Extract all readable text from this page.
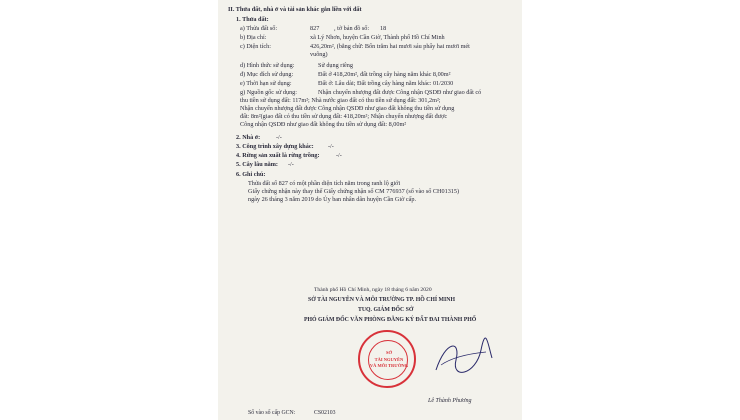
II. Thửa đất, nhà ở và tài sản khác gắn liền với đất
1. Thửa đất:
a) Thửa đất số:	827 , tờ bản đồ số: 18
b) Địa chỉ:	xã Lý Nhơn, huyện Cần Giờ, Thành phố Hồ Chí Minh
c) Diện tích:	426,20m², (bằng chữ: Bốn trăm hai mươi sáu phẩy hai mươi mét
vuông)
d) Hình thức sử dụng:	Sử dụng riêng
đ) Mục đích sử dụng:	Đất ở 418,20m², đất trồng cây hàng năm khác 8,00m²
e) Thời hạn sử dụng:	Đất ở: Lâu dài; Đất trồng cây hàng năm khác: 01/2030
g) Nguồn gốc sử dụng:	Nhận chuyển nhượng đất được Công nhận QSDĐ như giao đất có
thu tiền sử dụng đất: 117m²; Nhà nước giao đất có thu tiền sử dụng đất: 301,2m²;
Nhận chuyển nhượng đất được Công nhận QSDĐ như giao đất không thu tiền sử dụng
đất: 8m²(giao đất có thu tiền sử dụng đất: 418,20m²; Nhận chuyển nhượng đất được
Công nhận QSDĐ như giao đất không thu tiền sử dụng đất: 8,00m²
2. Nhà ở:	-/-
3. Công trình xây dựng khác: -/-
4. Rừng sản xuất là rừng trồng:	-/-
5. Cây lâu năm: -/-
6. Ghi chú:
Thửa đất số 827 có một phần diện tích nằm trong ranh lộ giới
Giấy chứng nhận này thay thế Giấy chứng nhận số CM 776937 (số vào sổ CH01315)
ngày 26 tháng 3 năm 2019 do Ủy ban nhân dân huyện Cần Giờ cấp.
Thành phố Hồ Chí Minh, ngày 18 tháng 6 năm 2020
SỞ TÀI NGUYÊN VÀ MÔI TRƯỜNG TP. HỒ CHÍ MINH
TUQ. GIÁM ĐỐC SỞ
PHÓ GIÁM ĐỐC VĂN PHÒNG ĐĂNG KÝ ĐẤT ĐAI THÀNH PHỐ
SỞ
TÀI NGUYÊN
VÀ MÔI TRƯỜNG
Lê Thành Phương
Số vào sổ cấp GCN:	CS02103
